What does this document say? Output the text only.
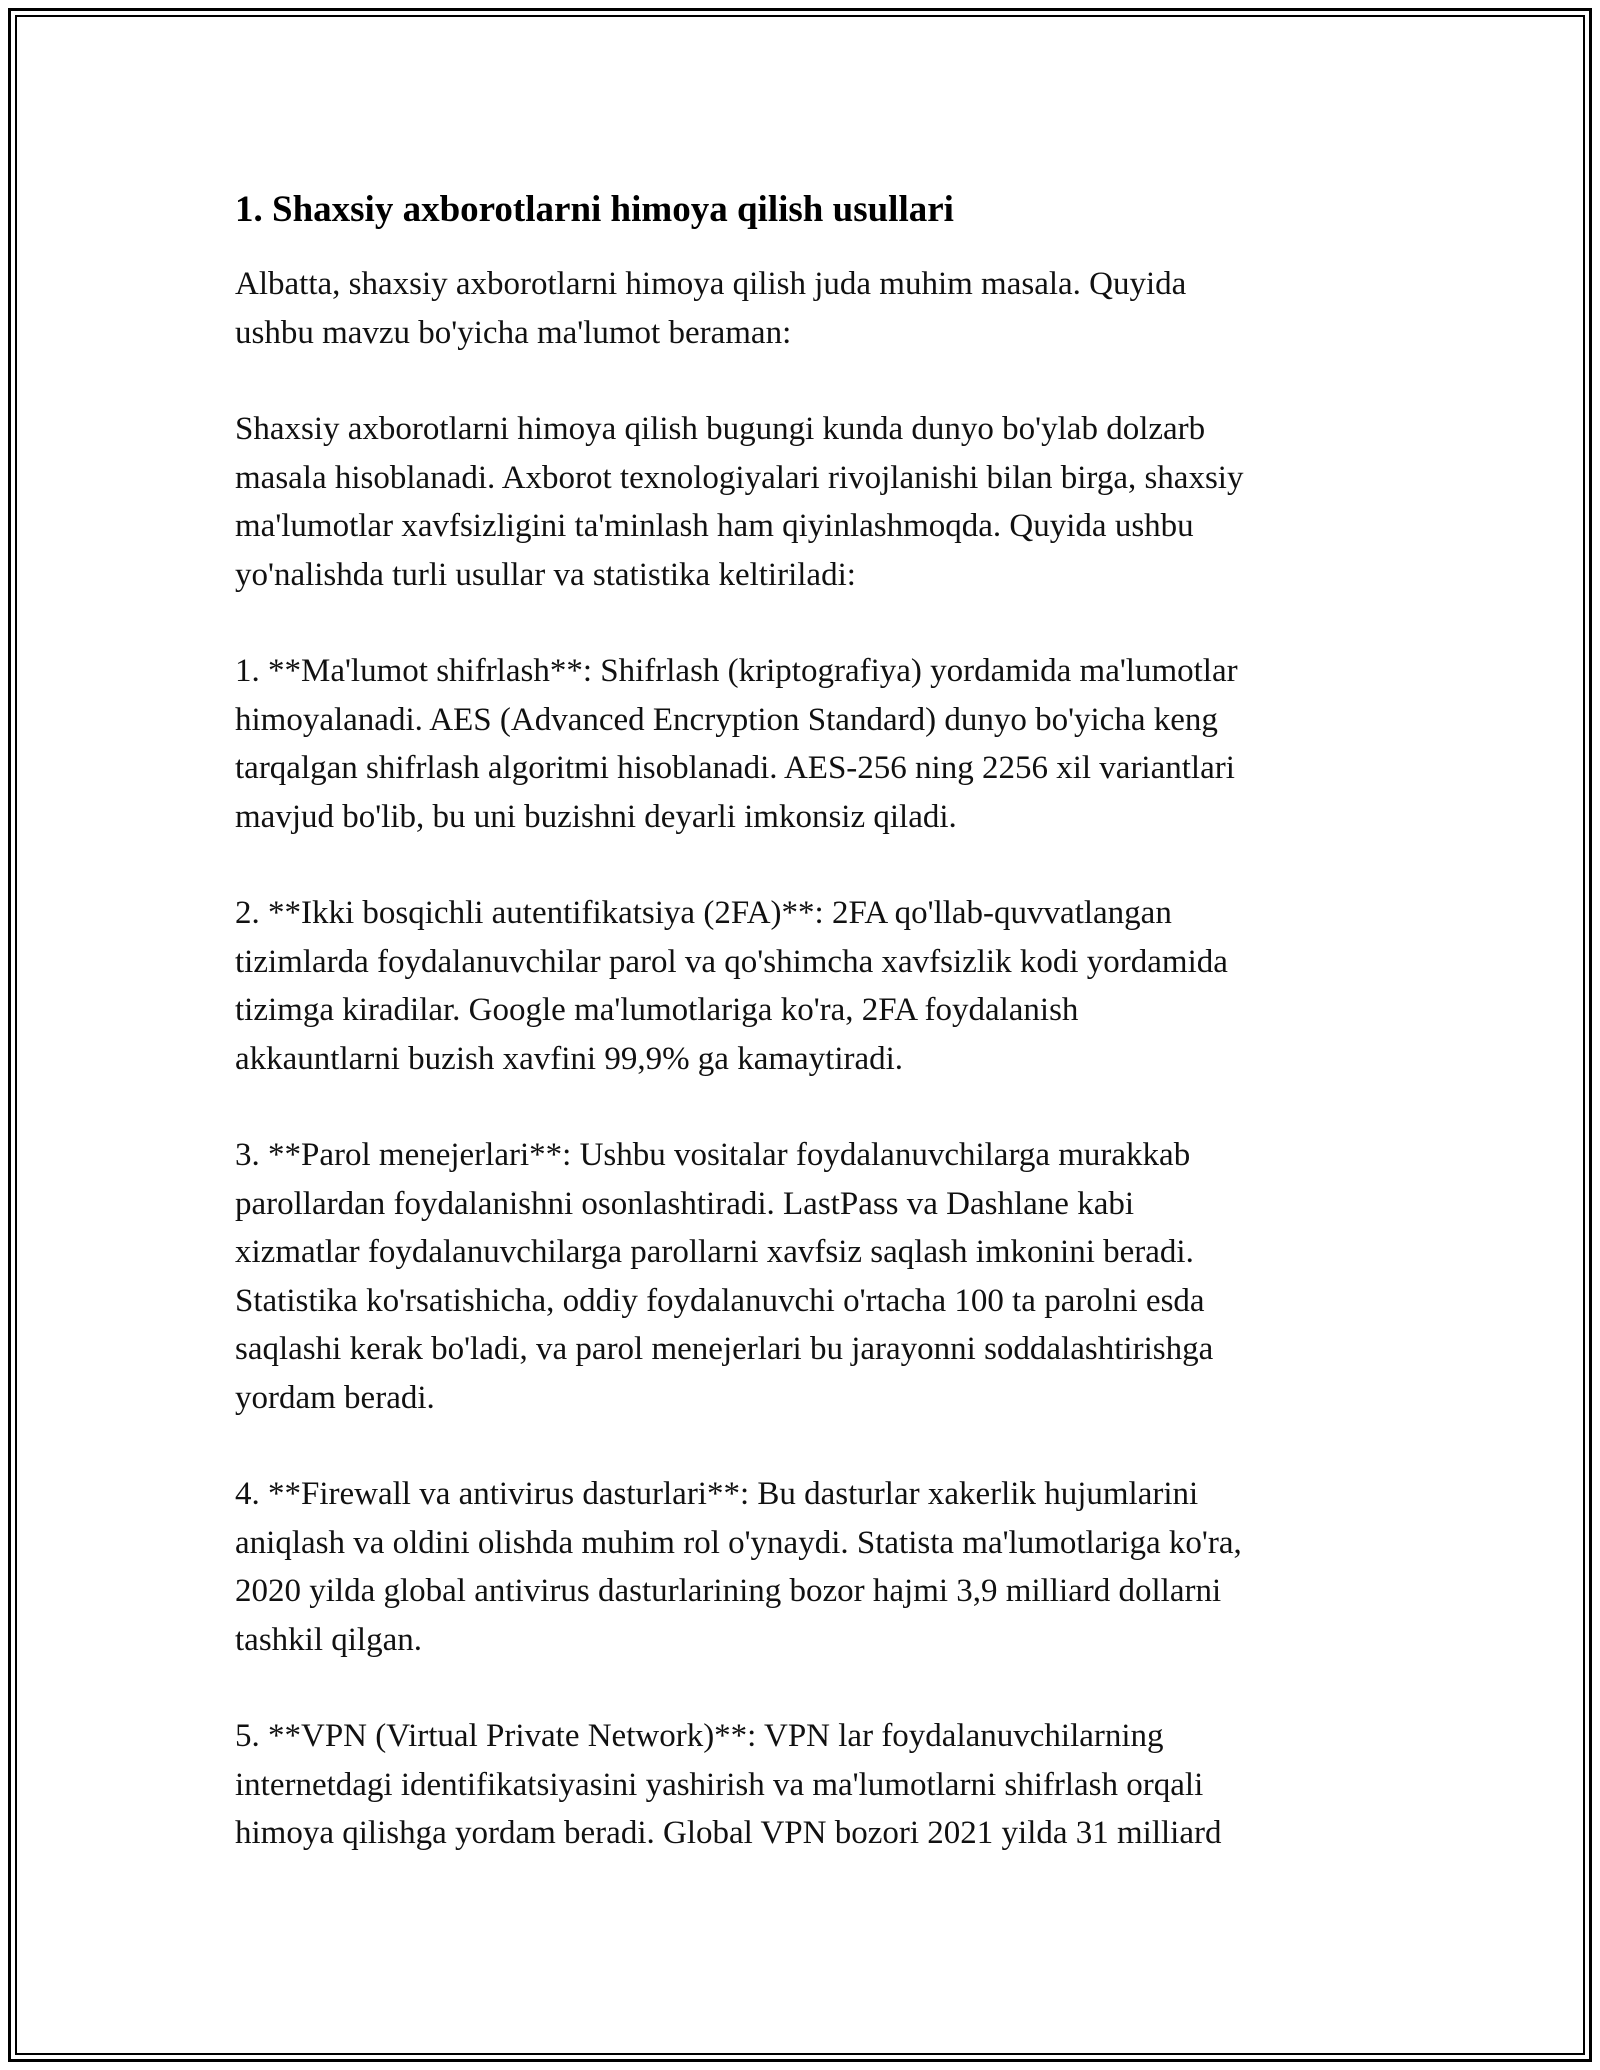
1. Shaxsiy axborotlarni himoya qilish usullari

Albatta, shaxsiy axborotlarni himoya qilish juda muhim masala. Quyida
ushbu mavzu bo'yicha ma'lumot beraman:

Shaxsiy axborotlarni himoya qilish bugungi kunda dunyo bo'ylab dolzarb
masala hisoblanadi. Axborot texnologiyalari rivojlanishi bilan birga, shaxsiy
ma'lumotlar xavfsizligini ta'minlash ham qiyinlashmoqda. Quyida ushbu
yo'nalishda turli usullar va statistika keltiriladi:

1. **Ma'lumot shifrlash**: Shifrlash (kriptografiya) yordamida ma'lumotlar
himoyalanadi. AES (Advanced Encryption Standard) dunyo bo'yicha keng
tarqalgan shifrlash algoritmi hisoblanadi. AES-256 ning 2256 xil variantlari
mavjud bo'lib, bu uni buzishni deyarli imkonsiz qiladi.

2. **Ikki bosqichli autentifikatsiya (2FA)**: 2FA qo'llab-quvvatlangan
tizimlarda foydalanuvchilar parol va qo'shimcha xavfsizlik kodi yordamida
tizimga kiradilar. Google ma'lumotlariga ko'ra, 2FA foydalanish
akkauntlarni buzish xavfini 99,9% ga kamaytiradi.

3. **Parol menejerlari**: Ushbu vositalar foydalanuvchilarga murakkab
parollardan foydalanishni osonlashtiradi. LastPass va Dashlane kabi
xizmatlar foydalanuvchilarga parollarni xavfsiz saqlash imkonini beradi.
Statistika ko'rsatishicha, oddiy foydalanuvchi o'rtacha 100 ta parolni esda
saqlashi kerak bo'ladi, va parol menejerlari bu jarayonni soddalashtirishga
yordam beradi.

4. **Firewall va antivirus dasturlari**: Bu dasturlar xakerlik hujumlarini
aniqlash va oldini olishda muhim rol o'ynaydi. Statista ma'lumotlariga ko'ra,
2020 yilda global antivirus dasturlarining bozor hajmi 3,9 milliard dollarni
tashkil qilgan.

5. **VPN (Virtual Private Network)**: VPN lar foydalanuvchilarning
internetdagi identifikatsiyasini yashirish va ma'lumotlarni shifrlash orqali
himoya qilishga yordam beradi. Global VPN bozori 2021 yilda 31 milliard
